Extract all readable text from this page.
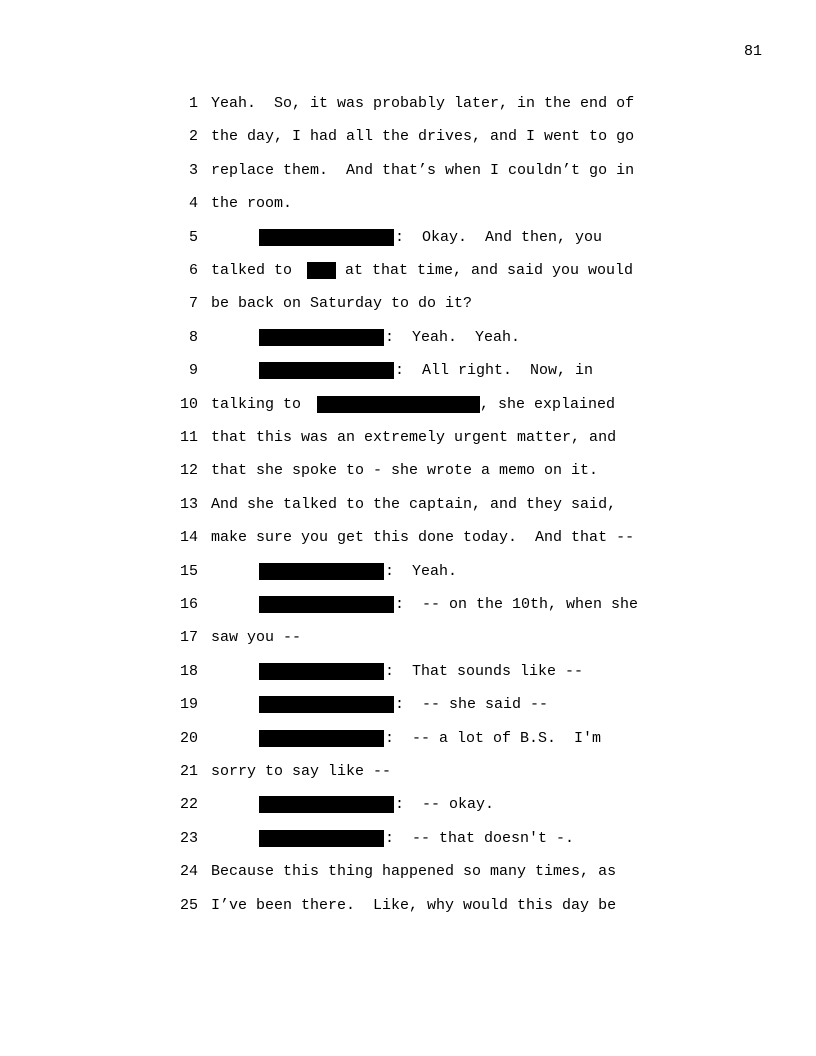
81
1 Yeah.  So, it was probably later, in the end of
2 the day, I had all the drives, and I went to go
3 replace them.  And that’s when I couldn’t go in
4 the room.
5	:  Okay.  And then, you
6 talked to	at that time, and said you would
7 be back on Saturday to do it?
8	:  Yeah.  Yeah.
9	:  All right.  Now, in
10 talking to	, she explained
11 that this was an extremely urgent matter, and
12 that she spoke to - she wrote a memo on it.
13 And she talked to the captain, and they said,
14 make sure you get this done today.  And that --
15	:  Yeah.
16	:  -- on the 10th, when she
17 saw you --
18	:  That sounds like --
19	:  -- she said --
20	:  -- a lot of B.S.  I'm
21 sorry to say like --
22	:  -- okay.
23	:  -- that doesn't -.
24 Because this thing happened so many times, as
25 I’ve been there.  Like, why would this day be
